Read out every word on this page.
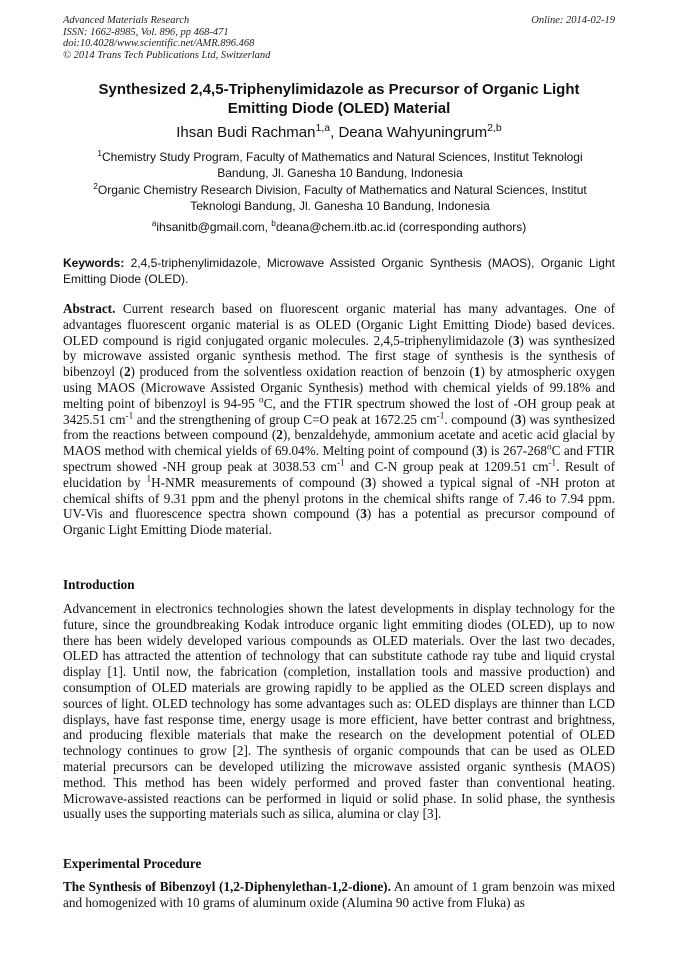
Advanced Materials Research
ISSN: 1662-8985, Vol. 896, pp 468-471
doi:10.4028/www.scientific.net/AMR.896.468
© 2014 Trans Tech Publications Ltd, Switzerland
Online: 2014-02-19
Synthesized 2,4,5-Triphenylimidazole as Precursor of Organic Light
Emitting Diode (OLED) Material
Ihsan Budi Rachman$^{1,a}$, Deana Wahyuningrum$^{2,b}$
$^1$Chemistry Study Program, Faculty of Mathematics and Natural Sciences, Institut Teknologi
Bandung, Jl. Ganesha 10 Bandung, Indonesia
$^2$Organic Chemistry Research Division, Faculty of Mathematics and Natural Sciences, Institut
Teknologi Bandung, Jl. Ganesha 10 Bandung, Indonesia
$^a$ihsanitb@gmail.com, $^b$deana@chem.itb.ac.id (corresponding authors)
Keywords: 2,4,5-triphenylimidazole, Microwave Assisted Organic Synthesis (MAOS), Organic Light Emitting Diode (OLED).
Abstract. Current research based on fluorescent organic material has many advantages. One of advantages fluorescent organic material is as OLED (Organic Light Emitting Diode) based devices. OLED compound is rigid conjugated organic molecules. 2,4,5-triphenylimidazole (3) was synthesized by microwave assisted organic synthesis method. The first stage of synthesis is the synthesis of bibenzoyl (2) produced from the solventless oxidation reaction of benzoin (1) by atmospheric oxygen using MAOS (Microwave Assisted Organic Synthesis) method with chemical yields of 99.18% and melting point of bibenzoyl is 94-95 $^o$C, and the FTIR spectrum showed the lost of -OH group peak at 3425.51 $cm^{-1}$ and the strengthening of group C=O peak at 1672.25 $cm^{-1}$. compound (3) was synthesized from the reactions between compound (2), benzaldehyde, ammonium acetate and acetic acid glacial by MAOS method with chemical yields of 69.04%. Melting point of compound (3) is 267-268$^o$C and FTIR spectrum showed -NH group peak at 3038.53 $cm^{-1}$ and C-N group peak at 1209.51 $cm^{-1}$. Result of elucidation by $^1$H-NMR measurements of compound (3) showed a typical signal of -NH proton at chemical shifts of 9.31 ppm and the phenyl protons in the chemical shifts range of 7.46 to 7.94 ppm. UV-Vis and fluorescence spectra shown compound (3) has a potential as precursor compound of Organic Light Emitting Diode material.
Introduction
Advancement in electronics technologies shown the latest developments in display technology for the future, since the groundbreaking Kodak introduce organic light emmiting diodes (OLED), up to now there has been widely developed various compounds as OLED materials. Over the last two decades, OLED has attracted the attention of technology that can substitute cathode ray tube and liquid crystal display [1]. Until now, the fabrication (completion, installation tools and massive production) and consumption of OLED materials are growing rapidly to be applied as the OLED screen displays and sources of light. OLED technology has some advantages such as: OLED displays are thinner than LCD displays, have fast response time, energy usage is more efficient, have better contrast and brightness, and producing flexible materials that make the research on the development potential of OLED technology continues to grow [2]. The synthesis of organic compounds that can be used as OLED material precursors can be developed utilizing the microwave assisted organic synthesis (MAOS) method. This method has been widely performed and proved faster than conventional heating. Microwave-assisted reactions can be performed in liquid or solid phase. In solid phase, the synthesis usually uses the supporting materials such as silica, alumina or clay [3].
Experimental Procedure
The Synthesis of Bibenzoyl (1,2-Diphenylethan-1,2-dione). An amount of 1 gram benzoin was mixed and homogenized with 10 grams of aluminum oxide (Alumina 90 active from Fluka) as
